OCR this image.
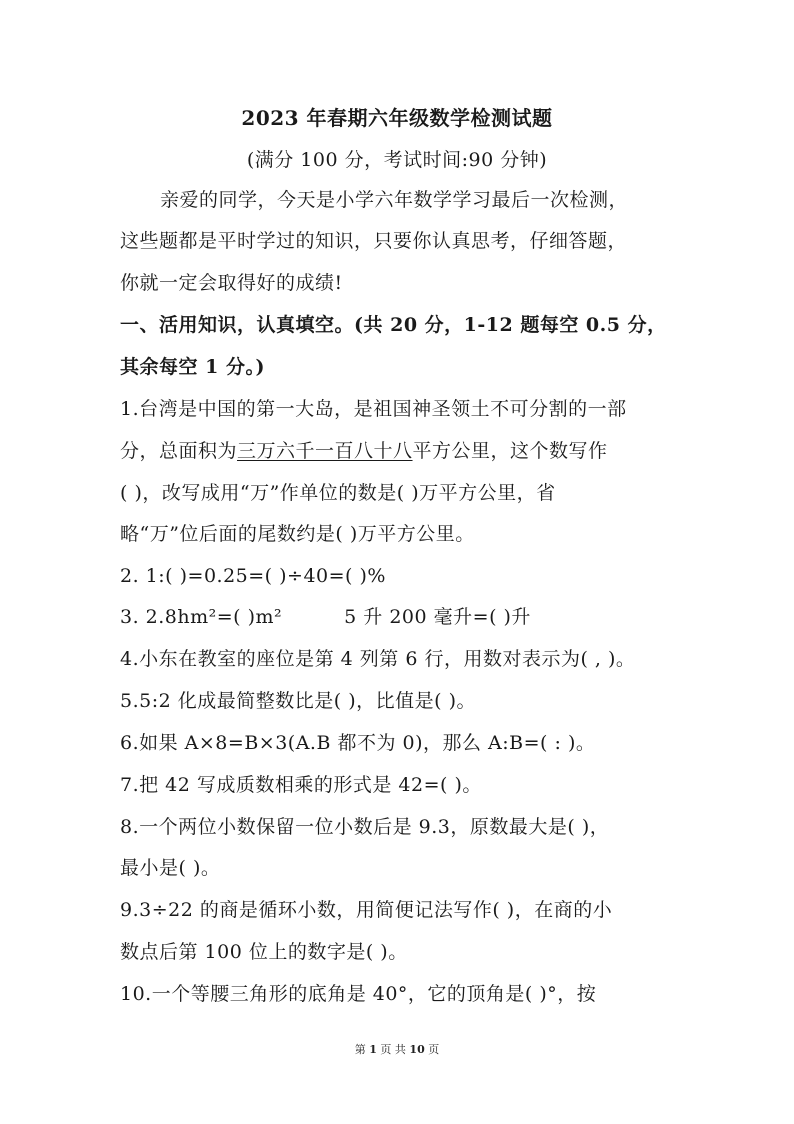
2023 年春期六年级数学检测试题
(满分 100 分，考试时间:90 分钟)
亲爱的同学，今天是小学六年数学学习最后一次检测，
这些题都是平时学过的知识，只要你认真思考，仔细答题，
你就一定会取得好的成绩!
一、活用知识，认真填空。(共 20 分，1-12 题每空 0.5 分，
其余每空 1 分。)
1.台湾是中国的第一大岛，是祖国神圣领土不可分割的一部
分，总面积为三万六千一百八十八平方公里，这个数写作
( )，改写成用“万”作单位的数是( )万平方公里，省
略“万”位后面的尾数约是( )万平方公里。
2. 1:( )=0.25=( )÷40=( )%
3. 2.8hm²=( )m²	5 升 200 毫升=( )升
4.小东在教室的座位是第 4 列第 6 行，用数对表示为( , )。
5.5:2 化成最简整数比是( )，比值是( )。
6.如果 A×8=B×3(A.B 都不为 0)，那么 A:B=( : )。
7.把 42 写成质数相乘的形式是 42=( )。
8.一个两位小数保留一位小数后是 9.3，原数最大是( )，
最小是( )。
9.3÷22 的商是循环小数，用简便记法写作( )，在商的小
数点后第 100 位上的数字是( )。
10.一个等腰三角形的底角是 40°，它的顶角是( )°，按
第 1 页 共 10 页
